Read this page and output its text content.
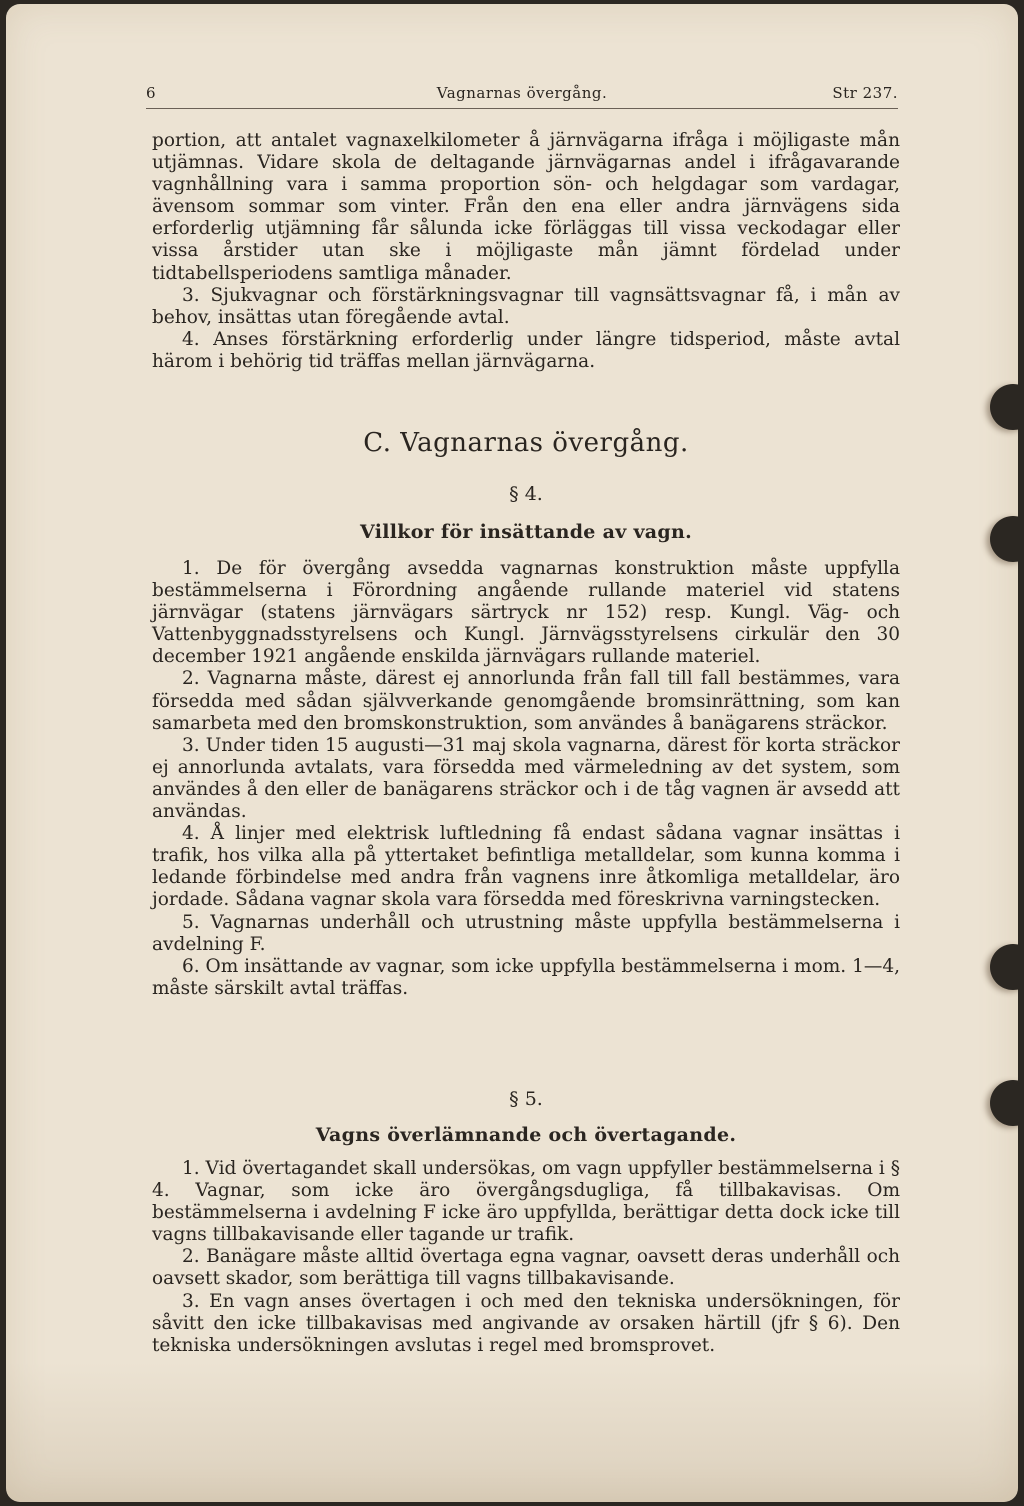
6	Vagnarnas övergång.	Str 237.

portion, att antalet vagnaxelkilometer å järnvägarna ifråga i möjligaste mån utjämnas. Vidare skola de deltagande järnvägarnas andel i ifrågavarande vagnhållning vara i samma proportion sön- och helgdagar som vardagar, ävensom sommar som vinter. Från den ena eller andra järnvägens sida erforderlig utjämning får sålunda icke förläggas till vissa veckodagar eller vissa årstider utan ske i möjligaste mån jämnt fördelad under tidtabellsperiodens samtliga månader.

3. Sjukvagnar och förstärkningsvagnar till vagnsättsvagnar få, i mån av behov, insättas utan föregående avtal.

4. Anses förstärkning erforderlig under längre tidsperiod, måste avtal härom i behörig tid träffas mellan järnvägarna.

C. Vagnarnas övergång.
§ 4.
Villkor för insättande av vagn.

1. De för övergång avsedda vagnarnas konstruktion måste uppfylla bestämmelserna i Förordning angående rullande materiel vid statens järnvägar (statens järnvägars särtryck nr 152) resp. Kungl. Väg- och Vattenbyggnadsstyrelsens och Kungl. Järnvägsstyrelsens cirkulär den 30 december 1921 angående enskilda järnvägars rullande materiel.

2. Vagnarna måste, därest ej annorlunda från fall till fall bestämmes, vara försedda med sådan självverkande genomgående bromsinrättning, som kan samarbeta med den bromskonstruktion, som användes å banägarens sträckor.

3. Under tiden 15 augusti—31 maj skola vagnarna, därest för korta sträckor ej annorlunda avtalats, vara försedda med värmeledning av det system, som användes å den eller de banägarens sträckor och i de tåg vagnen är avsedd att användas.

4. Å linjer med elektrisk luftledning få endast sådana vagnar insättas i trafik, hos vilka alla på yttertaket befintliga metalldelar, som kunna komma i ledande förbindelse med andra från vagnens inre åtkomliga metalldelar, äro jordade. Sådana vagnar skola vara försedda med föreskrivna varningstecken.

5. Vagnarnas underhåll och utrustning måste uppfylla bestämmelserna i avdelning F.

6. Om insättande av vagnar, som icke uppfylla bestämmelserna i mom. 1—4, måste särskilt avtal träffas.

§ 5.
Vagns överlämnande och övertagande.

1. Vid övertagandet skall undersökas, om vagn uppfyller bestämmelserna i § 4. Vagnar, som icke äro övergångsdugliga, få tillbakavisas. Om bestämmelserna i avdelning F icke äro uppfyllda, berättigar detta dock icke till vagns tillbakavisande eller tagande ur trafik.

2. Banägare måste alltid övertaga egna vagnar, oavsett deras underhåll och oavsett skador, som berättiga till vagns tillbakavisande.

3. En vagn anses övertagen i och med den tekniska undersökningen, för såvitt den icke tillbakavisas med angivande av orsaken härtill (jfr § 6). Den tekniska undersökningen avslutas i regel med bromsprovet.
